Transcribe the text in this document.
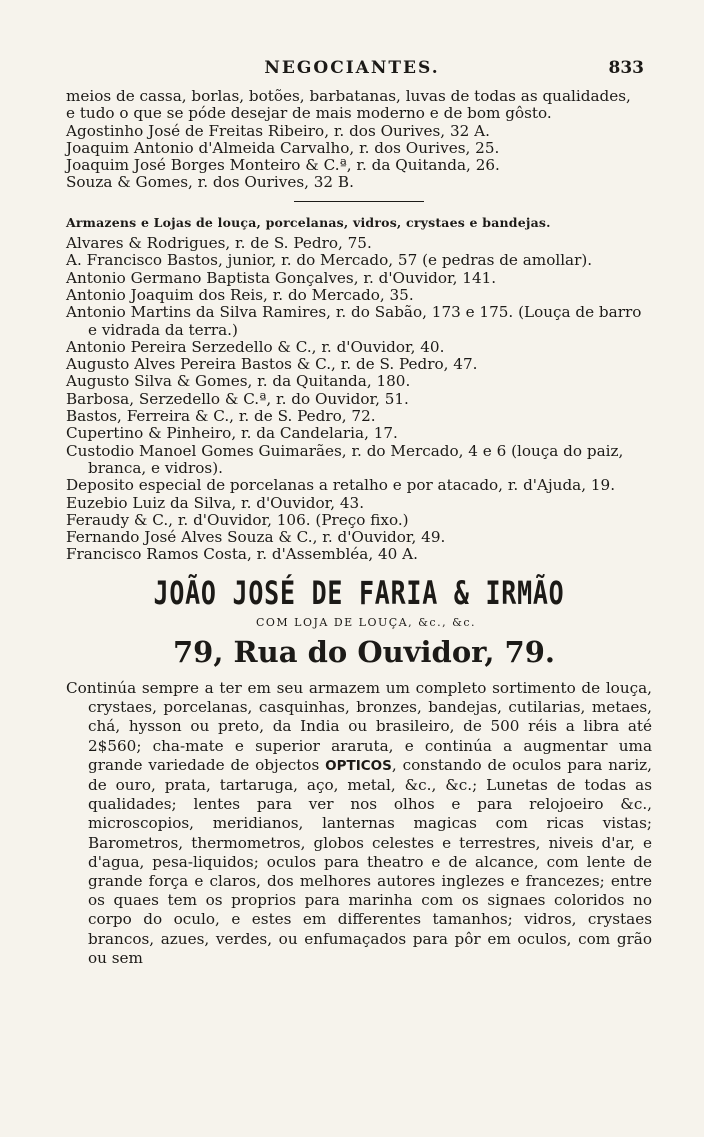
NEGOCIANTES.	833

meios de cassa, borlas, botões, barbatanas, luvas de todas as qualidades,

e tudo o que se póde desejar de mais moderno e de bom gôsto.

Agostinho José de Freitas Ribeiro, r. dos Ourives, 32 A.
Joaquim Antonio d'Almeida Carvalho, r. dos Ourives, 25.
Joaquim José Borges Monteiro & C.ª, r. da Quitanda, 26.
Souza & Gomes, r. dos Ourives, 32 B.

Armazens e Lojas de louça, porcelanas, vidros, crystaes e bandejas.

Alvares & Rodrigues, r. de S. Pedro, 75.
A. Francisco Bastos, junior, r. do Mercado, 57 (e pedras de amollar).
Antonio Germano Baptista Gonçalves, r. d'Ouvidor, 141.
Antonio Joaquim dos Reis, r. do Mercado, 35.
Antonio Martins da Silva Ramires, r. do Sabão, 173 e 175. (Louça de barro e vidrada da terra.)
Antonio Pereira Serzedello & C., r. d'Ouvidor, 40.
Augusto Alves Pereira Bastos & C., r. de S. Pedro, 47.
Augusto Silva & Gomes, r. da Quitanda, 180.
Barbosa, Serzedello & C.ª, r. do Ouvidor, 51.
Bastos, Ferreira & C., r. de S. Pedro, 72.
Cupertino & Pinheiro, r. da Candelaria, 17.
Custodio Manoel Gomes Guimarães, r. do Mercado, 4 e 6 (louça do paiz, branca, e vidros).
Deposito especial de porcelanas a retalho e por atacado, r. d'Ajuda, 19.
Euzebio Luiz da Silva, r. d'Ouvidor, 43.
Feraudy & C., r. d'Ouvidor, 106. (Preço fixo.)
Fernando José Alves Souza & C., r. d'Ouvidor, 49.
Francisco Ramos Costa, r. d'Assembléa, 40 A.
JOÃO JOSÉ DE FARIA & IRMÃO
COM LOJA DE LOUÇA, &c., &c.
79, Rua do Ouvidor, 79.

Continúa sempre a ter em seu armazem um completo sortimento de louça, crystaes, porcelanas, casquinhas, bronzes, bandejas, cutilarias, metaes, chá, hysson ou preto, da India ou brasileiro, de 500 réis a libra até 2$560; cha-mate e superior araruta, e continúa a augmentar uma grande variedade de objectos OPTICOS, constando de oculos para nariz, de ouro, prata, tartaruga, aço, metal, &c., &c.; Lunetas de todas as qualidades; lentes para ver nos olhos e para relojoeiro &c., microscopios, meridianos, lanternas magicas com ricas vistas; Barometros, thermometros, globos celestes e terrestres, niveis d'ar, e d'agua, pesa-liquidos; oculos para theatro e de alcance, com lente de grande força e claros, dos melhores autores inglezes e francezes; entre os quaes tem os proprios para marinha com os signaes coloridos no corpo do oculo, e estes em differentes tamanhos; vidros, crystaes brancos, azues, verdes, ou enfumaçados para pôr em oculos, com grão ou sem
